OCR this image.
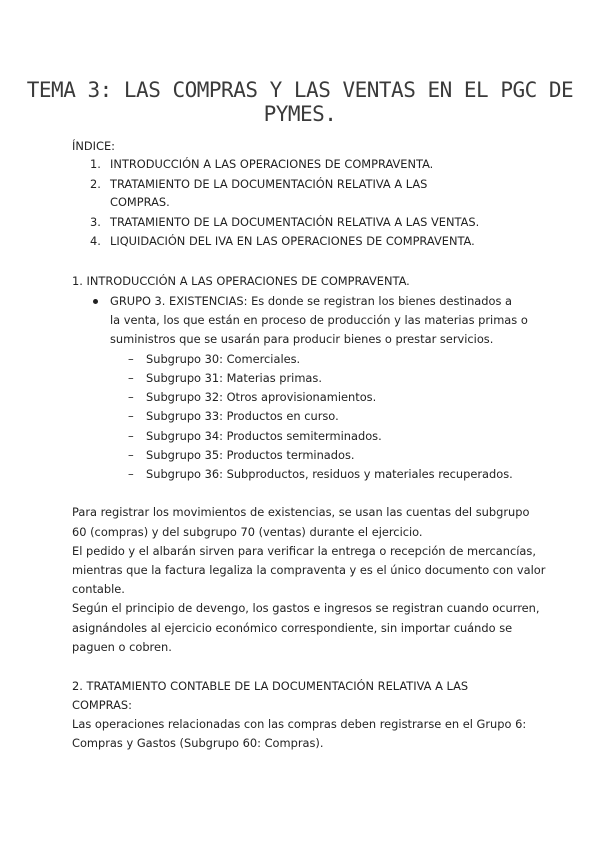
TEMA 3: LAS COMPRAS Y LAS VENTAS EN EL PGC DE PYMES.
ÍNDICE:
1. INTRODUCCIÓN A LAS OPERACIONES DE COMPRAVENTA.
2. TRATAMIENTO DE LA DOCUMENTACIÓN RELATIVA A LAS
COMPRAS.
3. TRATAMIENTO DE LA DOCUMENTACIÓN RELATIVA A LAS VENTAS.
4. LIQUIDACIÓN DEL IVA EN LAS OPERACIONES DE COMPRAVENTA.
1. INTRODUCCIÓN A LAS OPERACIONES DE COMPRAVENTA.
GRUPO 3. EXISTENCIAS: Es donde se registran los bienes destinados a
la venta, los que están en proceso de producción y las materias primas o
suministros que se usarán para producir bienes o prestar servicios.
– Subgrupo 30: Comerciales.
– Subgrupo 31: Materias primas.
– Subgrupo 32: Otros aprovisionamientos.
– Subgrupo 33: Productos en curso.
– Subgrupo 34: Productos semiterminados.
– Subgrupo 35: Productos terminados.
– Subgrupo 36: Subproductos, residuos y materiales recuperados.
Para registrar los movimientos de existencias, se usan las cuentas del subgrupo
60 (compras) y del subgrupo 70 (ventas) durante el ejercicio.
El pedido y el albarán sirven para verificar la entrega o recepción de mercancías,
mientras que la factura legaliza la compraventa y es el único documento con valor
contable.
Según el principio de devengo, los gastos e ingresos se registran cuando ocurren,
asignándoles al ejercicio económico correspondiente, sin importar cuándo se
paguen o cobren.
2. TRATAMIENTO CONTABLE DE LA DOCUMENTACIÓN RELATIVA A LAS
COMPRAS:
Las operaciones relacionadas con las compras deben registrarse en el Grupo 6:
Compras y Gastos (Subgrupo 60: Compras).
